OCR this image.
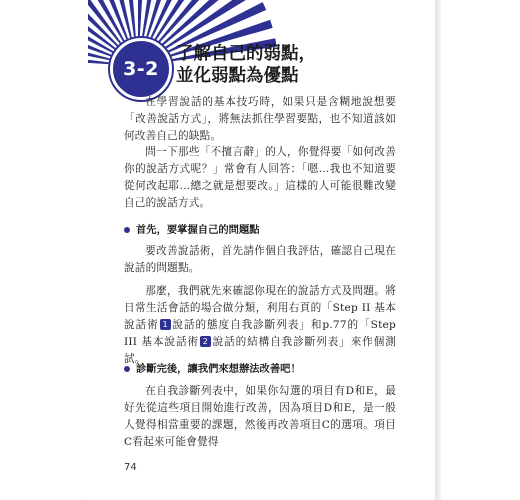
3-2
了解自己的弱點，
並化弱點為優點
在學習說話的基本技巧時，如果只是含糊地說想要「改善說話方式」，將無法抓住學習要點，也不知道該如何改善自己的缺點。
問一下那些「不擅言辭」的人，你覺得要「如何改善你的說話方式呢？」常會有人回答：「嗯…我也不知道要從何改起耶…總之就是想要改。」這樣的人可能很難改變自己的說話方式。
首先，要掌握自己的問題點
要改善說話術，首先請作個自我評估，確認自己現在說話的問題點。
那麼，我們就先來確認你現在的說話方式及問題。將日常生活會話的場合做分類，利用右頁的「Step II 基本說話術 1 說話的態度自我診斷列表」和p.77的「Step III 基本說話術 2 說話的結構自我診斷列表」來作個測試。
診斷完後，讓我們來想辦法改善吧！
在自我診斷列表中，如果你勾選的項目有D和E，最好先從這些項目開始進行改善，因為項目D和E，是一般人覺得相當重要的課題，然後再改善項目C的選項。項目C看起來可能會覺得
74
